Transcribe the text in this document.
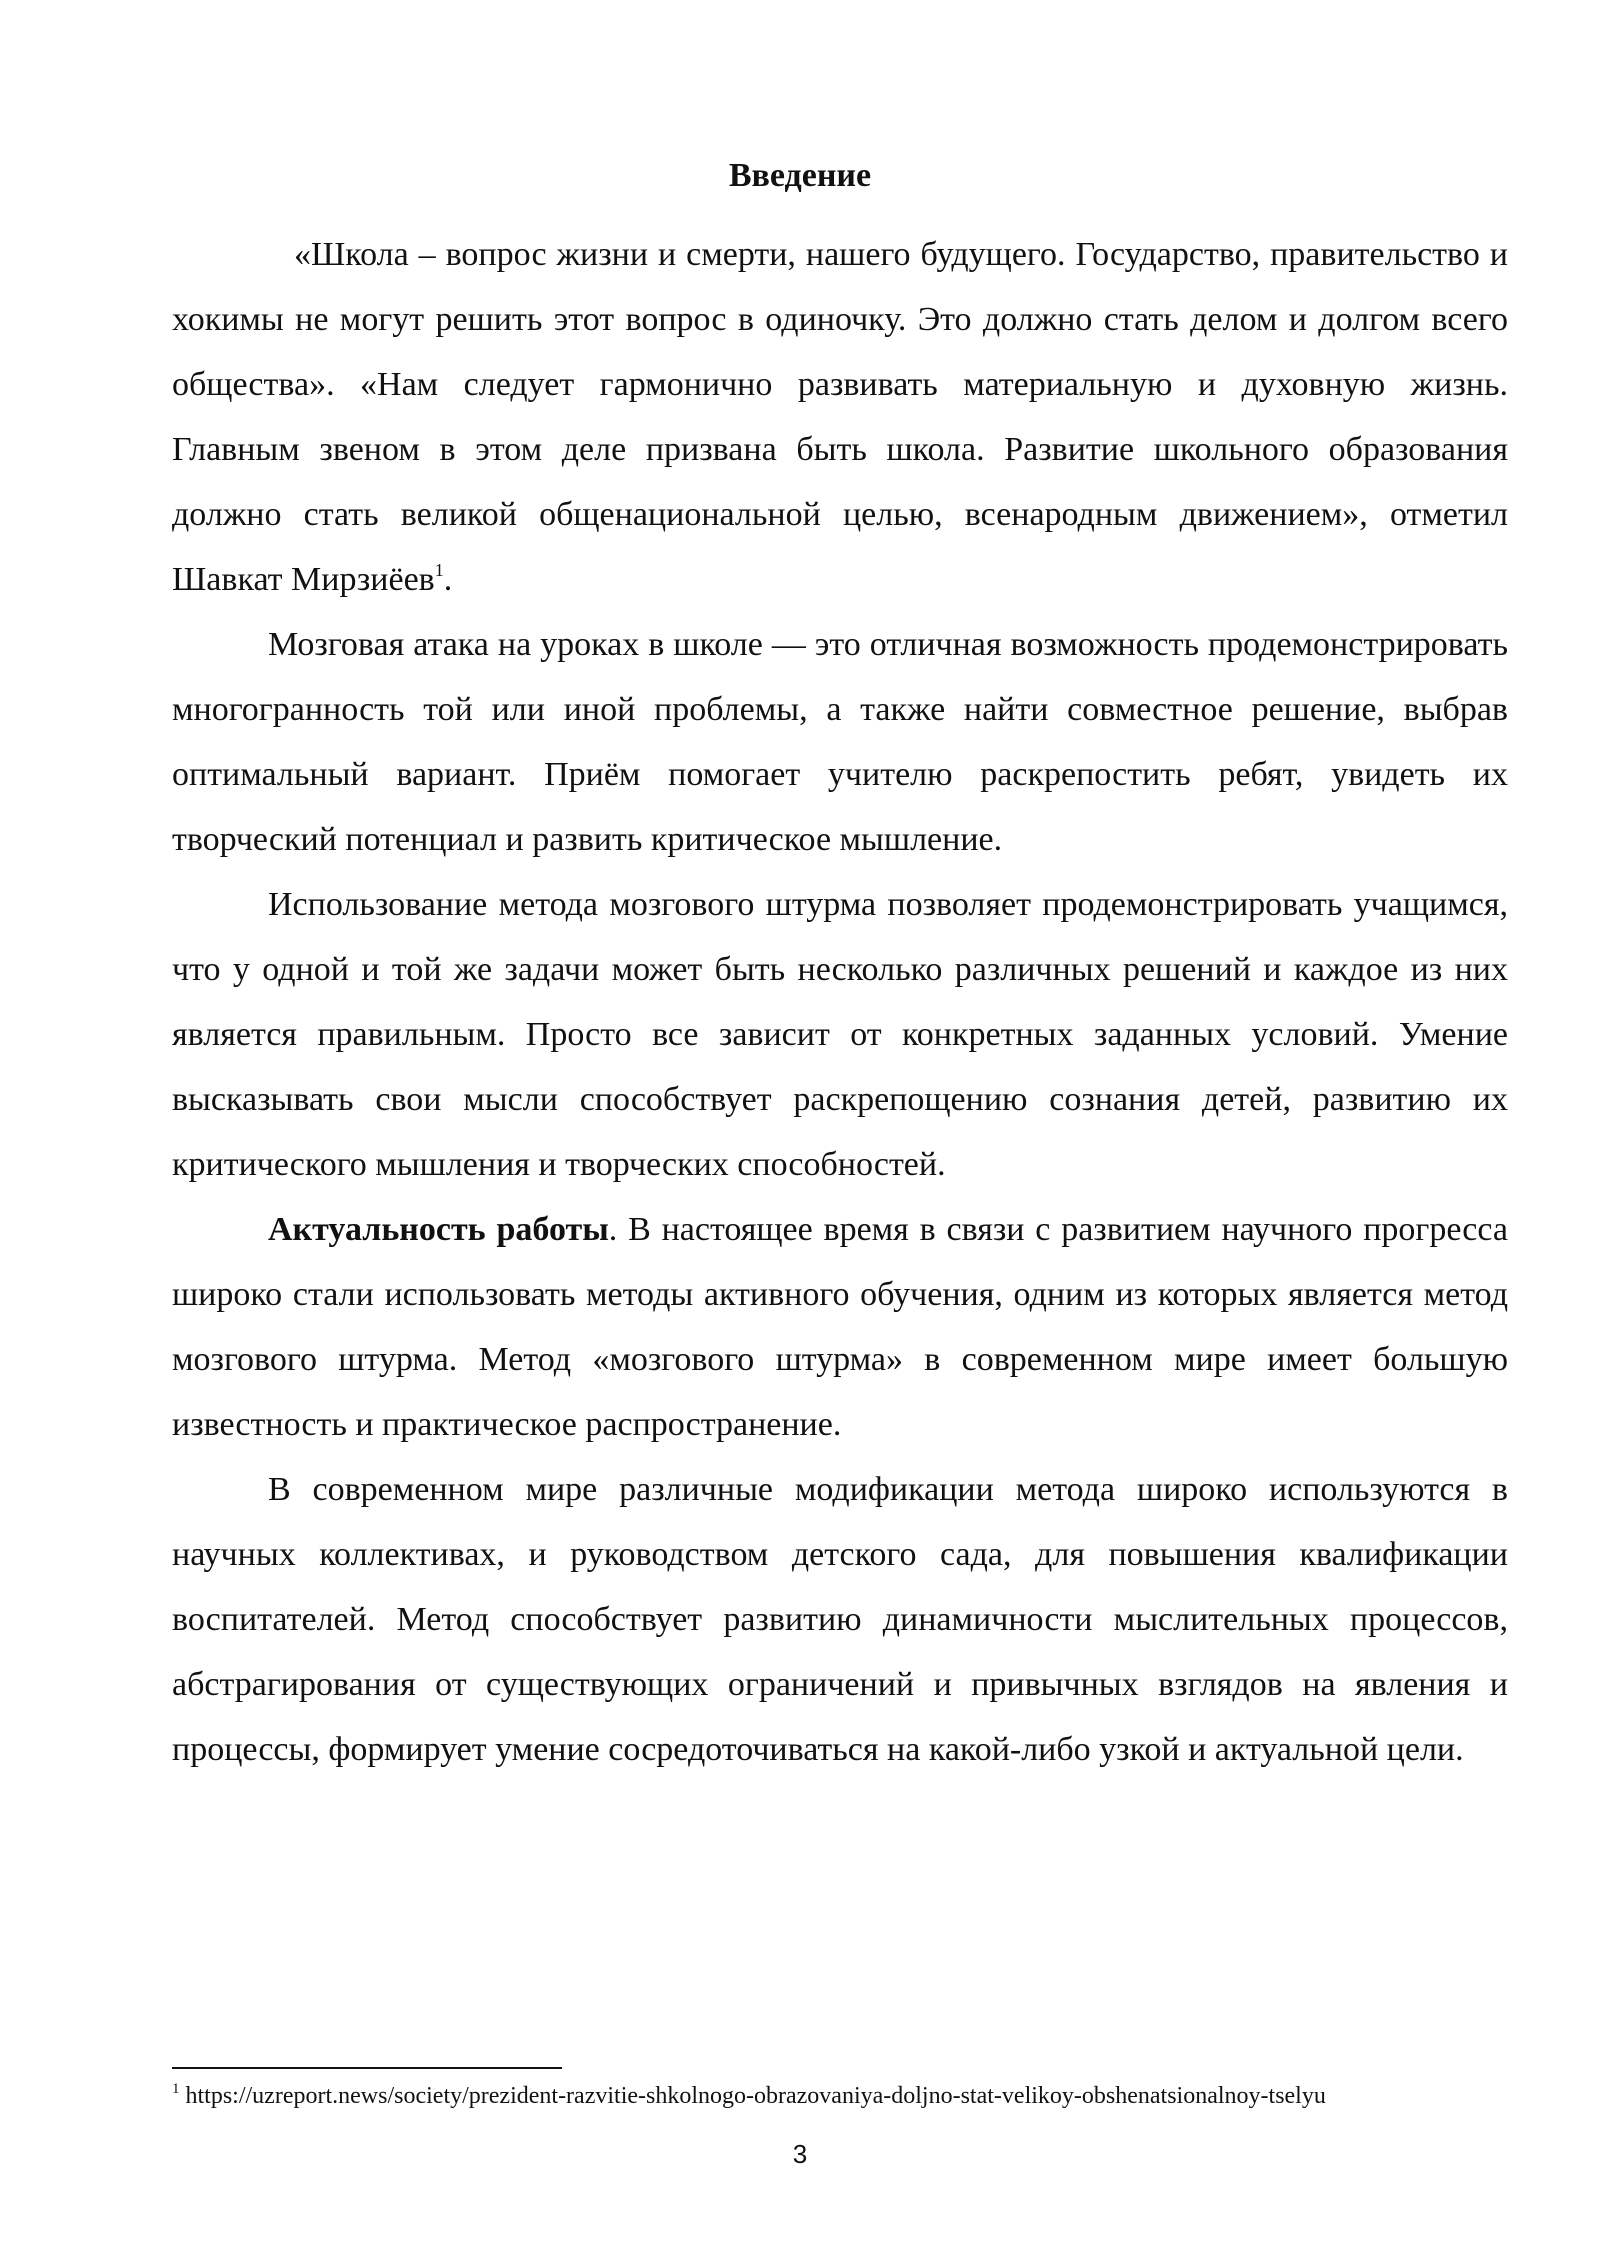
Введение

«Школа – вопрос жизни и смерти, нашего будущего. Государство, правительство и хокимы не могут решить этот вопрос в одиночку. Это должно стать делом и долгом всего общества». «Нам следует гармонично развивать материальную и духовную жизнь. Главным звеном в этом деле призвана быть школа. Развитие школьного образования должно стать великой общенациональной целью, всенародным движением», отметил Шавкат Мирзиёев$^1$.

Мозговая атака на уроках в школе — это отличная возможность продемонстрировать многогранность той или иной проблемы, а также найти совместное решение, выбрав оптимальный вариант. Приём помогает учителю раскрепостить ребят, увидеть их творческий потенциал и развить критическое мышление.

Использование метода мозгового штурма позволяет продемонстрировать учащимся, что у одной и той же задачи может быть несколько различных решений и каждое из них является правильным. Просто все зависит от конкретных заданных условий. Умение высказывать свои мысли способствует раскрепощению сознания детей, развитию их критического мышления и творческих способностей.

Актуальность работы. В настоящее время в связи с развитием научного прогресса широко стали использовать методы активного обучения, одним из которых является метод мозгового штурма. Метод «мозгового штурма» в современном мире имеет большую известность и практическое распространение.

В современном мире различные модификации метода широко используются в научных коллективах, и руководством детского сада, для повышения квалификации воспитателей. Метод способствует развитию динамичности мыслительных процессов, абстрагирования от существующих ограничений и привычных взглядов на явления и процессы, формирует умение сосредоточиваться на какой-либо узкой и актуальной цели.

$^1$ https://uzreport.news/society/prezident-razvitie-shkolnogo-obrazovaniya-doljno-stat-velikoy-obshenatsionalnoy-tselyu
3
